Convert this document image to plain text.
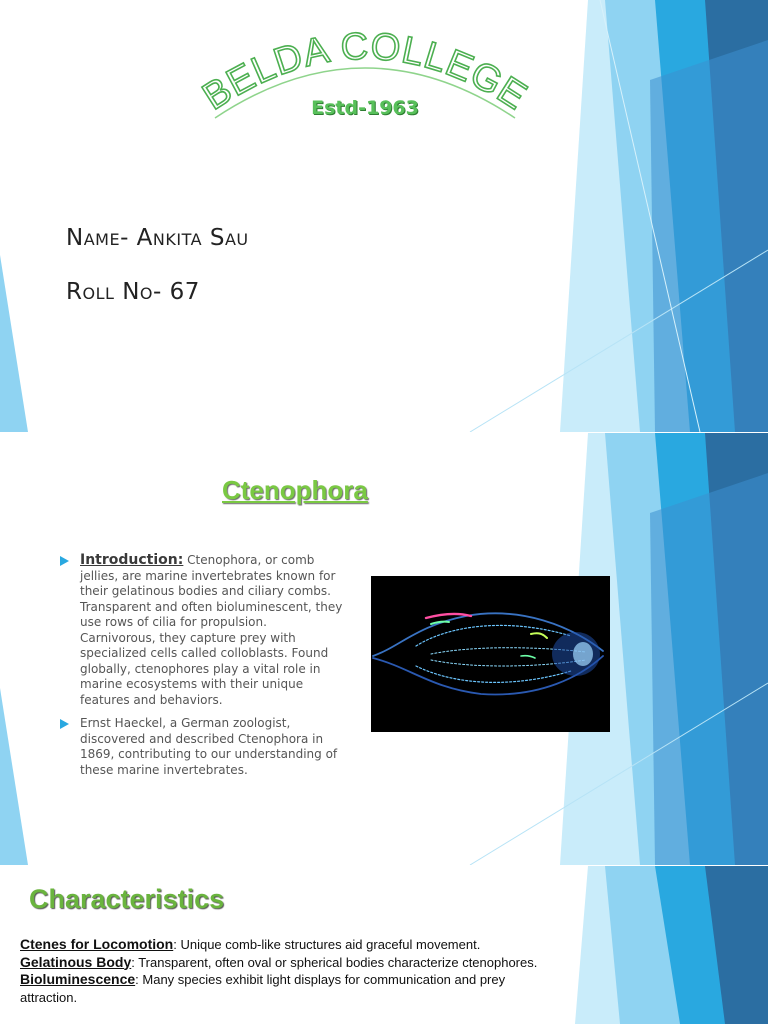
BELDA COLLEGE
Estd-1963
Name- Ankita Sau
Roll No- 67
Ctenophora
Introduction: Ctenophora, or comb jellies, are marine invertebrates known for their gelatinous bodies and ciliary combs. Transparent and often bioluminescent, they use rows of cilia for propulsion. Carnivorous, they capture prey with specialized cells called colloblasts. Found globally, ctenophores play a vital role in marine ecosystems with their unique features and behaviors.
Ernst Haeckel, a German zoologist, discovered and described Ctenophora in 1869, contributing to our understanding of these marine invertebrates.
Characteristics

Ctenes for Locomotion: Unique comb-like structures aid graceful movement.

Gelatinous Body: Transparent, often oval or spherical bodies characterize ctenophores.

Bioluminescence: Many species exhibit light displays for communication and prey attraction.
